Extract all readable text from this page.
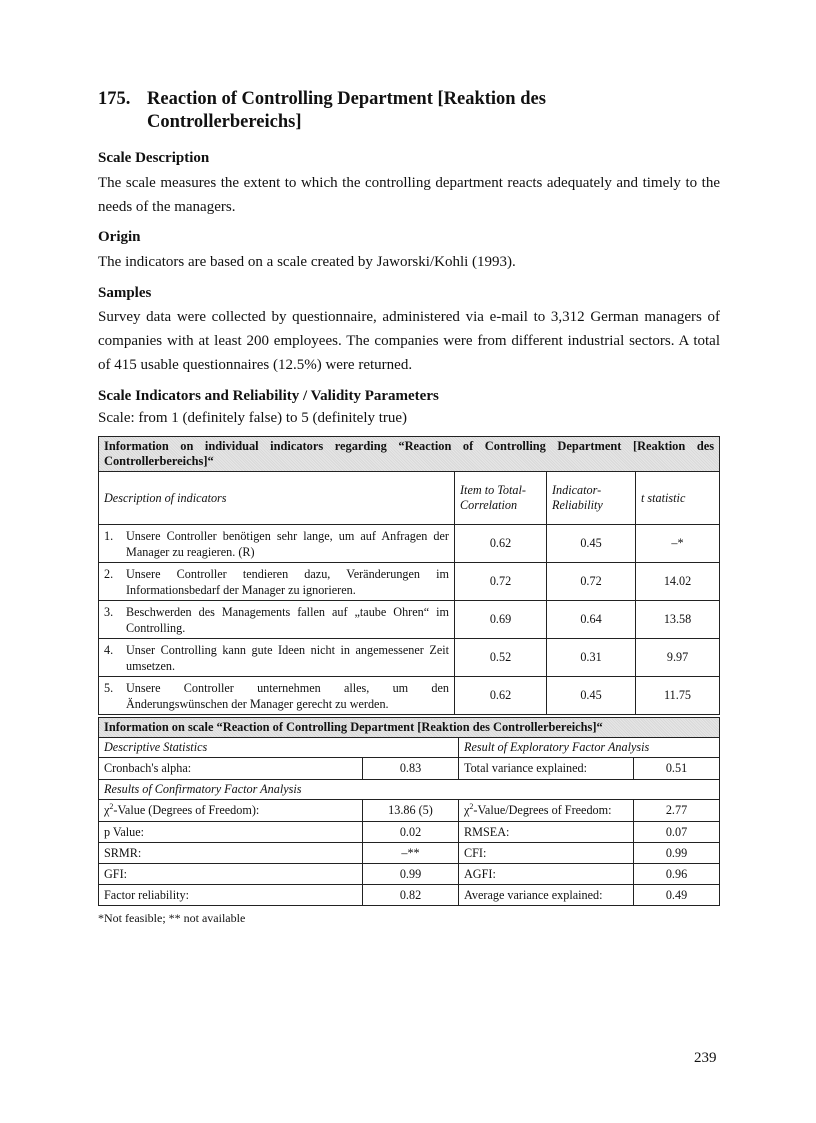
175. Reaction of Controlling Department [Reaktion des Controllerbereichs]
Scale Description

The scale measures the extent to which the controlling department reacts adequately and timely to the needs of the managers.

Origin

The indicators are based on a scale created by Jaworski/Kohli (1993).

Samples

Survey data were collected by questionnaire, administered via e-mail to 3,312 German managers of companies with at least 200 employees. The companies were from different industrial sectors. A total of 415 usable questionnaires (12.5%) were returned.

Scale Indicators and Reliability / Validity Parameters
Scale: from 1 (definitely false) to 5 (definitely true)
Information on individual indicators regarding “Reaction of Controlling Department [Reaktion des Controllerbereichs]“			
Description of indicators	Item to Total-Correlation	Indicator-Reliability	t statistic

1. Unsere Controller benötigen sehr lange, um auf Anfragen der Manager zu reagieren. (R)	0.62	0.45	–*

2. Unsere Controller tendieren dazu, Veränderungen im Informationsbedarf der Manager zu ignorieren.	0.72	0.72	14.02

3. Beschwerden des Managements fallen auf „taube Ohren“ im Controlling.	0.69	0.64	13.58

4. Unser Controlling kann gute Ideen nicht in angemessener Zeit umsetzen.	0.52	0.31	9.97

5. Unsere Controller unternehmen alles, um den Änderungswünschen der Manager gerecht zu werden.	0.62	0.45	11.75
Information on scale “Reaction of Controlling Department [Reaktion des Controllerbereichs]“			
Descriptive Statistics		Result of Exploratory Factor Analysis	
Cronbach's alpha:	0.83	Total variance explained:	0.51
Results of Confirmatory Factor Analysis			
$\chi^2$-Value (Degrees of Freedom):	13.86 (5)	$\chi^2-Value$/Degrees of Freedom:	2.77
p Value:	0.02	RMSEA:	0.07
SRMR:	–**	CFI:	0.99
GFI:	0.99	AGFI:	0.96
Factor reliability:	0.82	Average variance explained:	0.49
*Not feasible; ** not available
239
